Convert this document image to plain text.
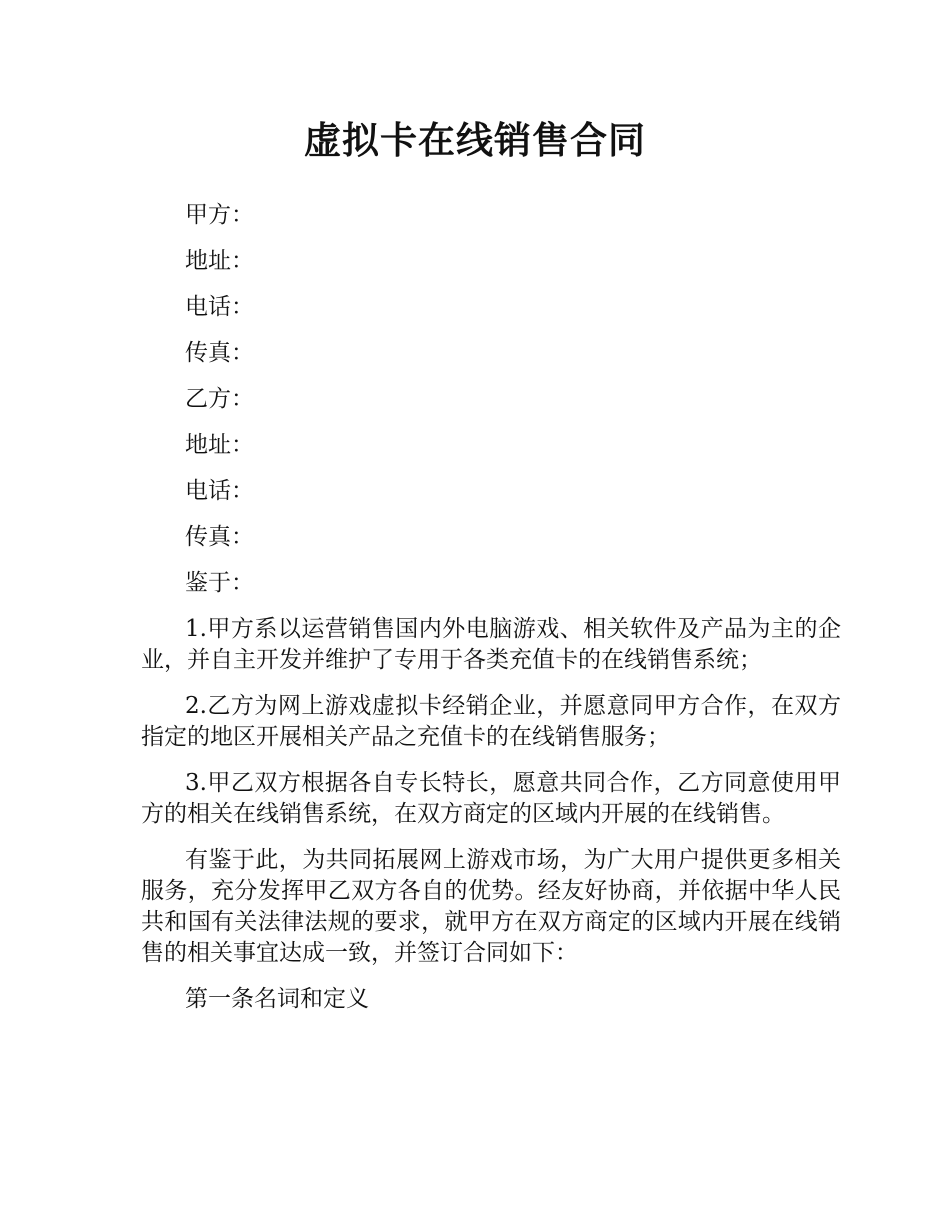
虚拟卡在线销售合同
甲方：
地址：
电话：
传真：
乙方：
地址：
电话：
传真：
鉴于：

1.甲方系以运营销售国内外电脑游戏、相关软件及产品为主的企业，并自主开发并维护了专用于各类充值卡的在线销售系统；

2.乙方为网上游戏虚拟卡经销企业，并愿意同甲方合作，在双方指定的地区开展相关产品之充值卡的在线销售服务；

3.甲乙双方根据各自专长特长，愿意共同合作，乙方同意使用甲方的相关在线销售系统，在双方商定的区域内开展的在线销售。

有鉴于此，为共同拓展网上游戏市场，为广大用户提供更多相关服务，充分发挥甲乙双方各自的优势。经友好协商，并依据中华人民共和国有关法律法规的要求，就甲方在双方商定的区域内开展在线销售的相关事宜达成一致，并签订合同如下：

第一条名词和定义
